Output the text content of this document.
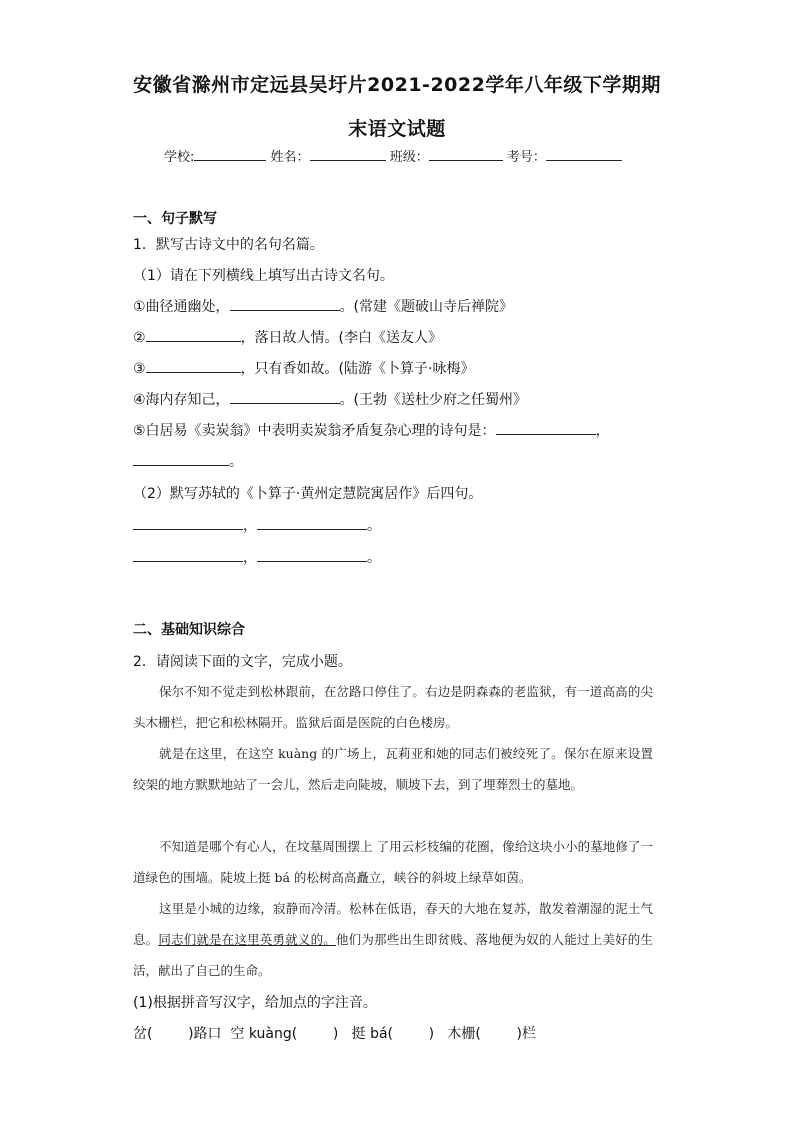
安徽省滁州市定远县吴圩片2021-2022学年八年级下学期期
末语文试题
学校:	姓名：	班级：	考号：
一、句子默写
1．默写古诗文中的名句名篇。
（1）请在下列横线上填写出古诗文名句。
①曲径通幽处，	。(常建《题破山寺后禅院》
②	，落日故人情。(李白《送友人》
③	，只有香如故。(陆游《卜算子·咏梅》
④海内存知己，	。(王勃《送杜少府之任蜀州》
⑤白居易《卖炭翁》中表明卖炭翁矛盾复杂心理的诗句是：	，
。
（2）默写苏轼的《卜算子·黄州定慧院寓居作》后四句。
，	。
，	。
二、基础知识综合
2．请阅读下面的文字，完成小题。
保尔不知不觉走到松林跟前，在岔路口停住了。右边是阴森森的老监狱，有一道高高的尖头木栅栏，把它和松林隔开。监狱后面是医院的白色楼房。
就是在这里，在这空 kuàng 的广场上，瓦莉亚和她的同志们被绞死了。保尔在原来设置绞架的地方默默地站了一会儿，然后走向陡坡，顺坡下去，到了埋葬烈士的墓地。
不知道是哪个有心人，在坟墓周围摆上 了用云杉枝编的花圈，像给这块小小的墓地修了一道绿色的围墙。陡坡上挺 bá 的松树高高矗立，峡谷的斜坡上绿草如茵。
这里是小城的边缘，寂静而冷清。松林在低语，春天的大地在复苏，散发着潮湿的泥土气息。同志们就是在这里英勇就义的。他们为那些出生即贫贱、落地便为奴的人能过上美好的生活，献出了自己的生命。
(1)根据拼音写汉字，给加点的字注音。
岔(        )路口  空 kuàng(        )   挺 bá(        )   木栅(        )栏
